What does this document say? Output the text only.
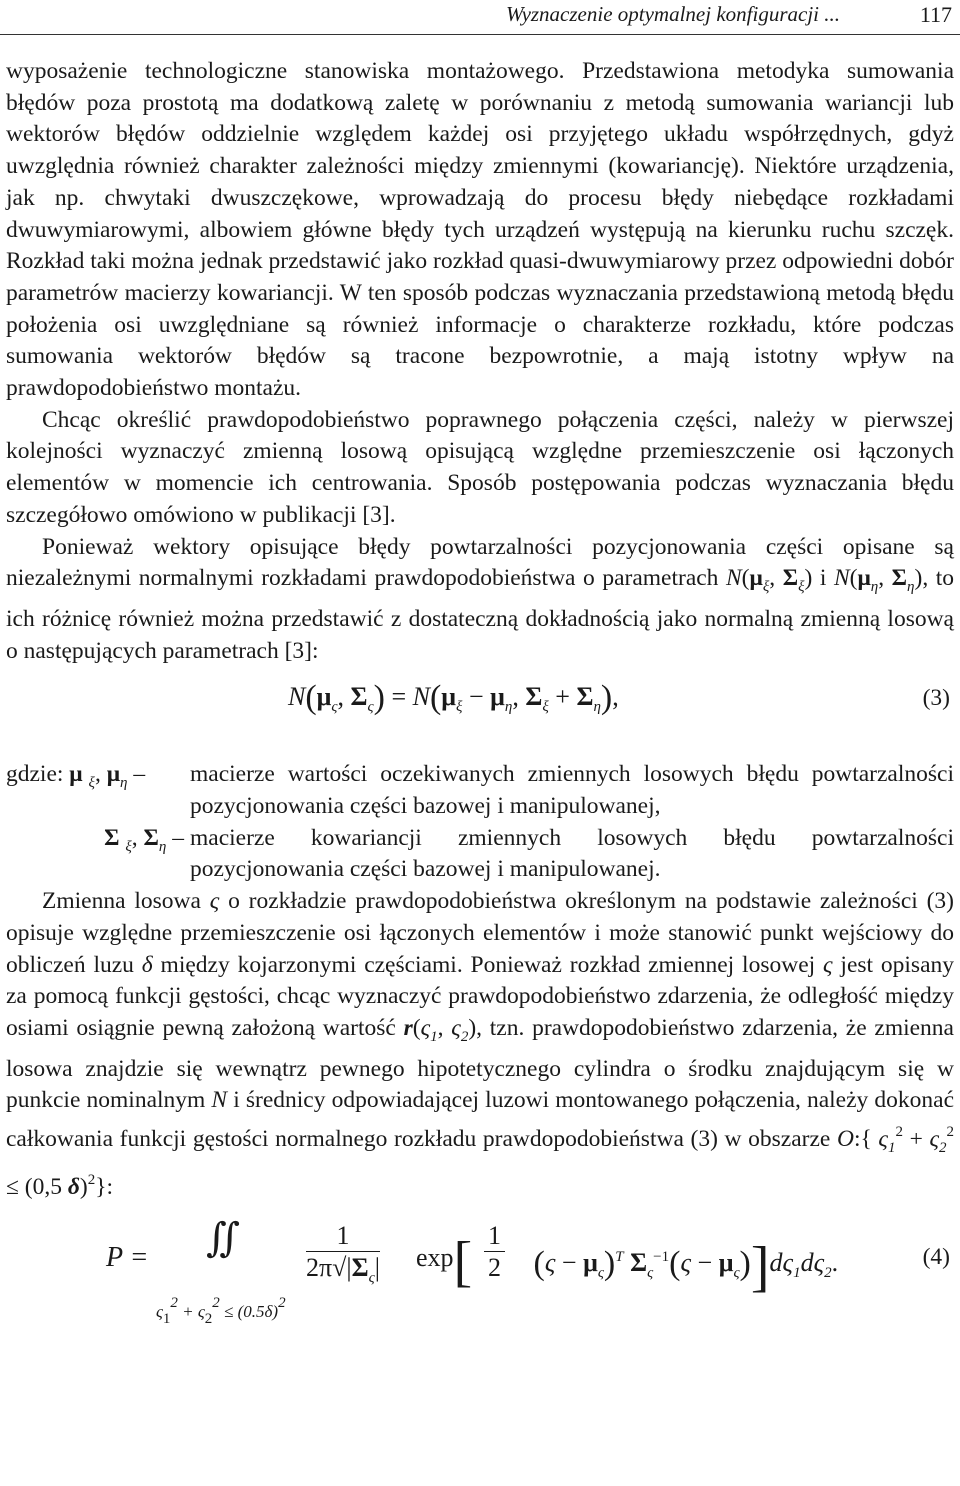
Wyznaczenie optymalnej konfiguracji ...	117

wyposażenie technologiczne stanowiska montażowego. Przedstawiona metodyka sumowania błędów poza prostotą ma dodatkową zaletę w porównaniu z metodą sumowania wariancji lub wektorów błędów oddzielnie względem każdej osi przyjętego układu współrzędnych, gdyż uwzględnia również charakter zależności między zmiennymi (kowariancję). Niektóre urządzenia, jak np. chwytaki dwuszczękowe, wprowadzają do procesu błędy niebędące rozkładami dwuwymiarowymi, albowiem główne błędy tych urządzeń występują na kierunku ruchu szczęk. Rozkład taki można jednak przedstawić jako rozkład quasi-dwuwymiarowy przez odpowiedni dobór parametrów macierzy kowariancji. W ten sposób podczas wyznaczania przedstawioną metodą błędu położenia osi uwzględniane są również informacje o charakterze rozkładu, które podczas sumowania wektorów błędów są tracone bezpowrotnie, a mają istotny wpływ na prawdopodobieństwo montażu.

Chcąc określić prawdopodobieństwo poprawnego połączenia części, należy w pierwszej kolejności wyznaczyć zmienną losową opisującą względne przemieszczenie osi łączonych elementów w momencie ich centrowania. Sposób postępowania podczas wyznaczania błędu szczegółowo omówiono w publikacji [3].

Ponieważ wektory opisujące błędy powtarzalności pozycjonowania części opisane są niezależnymi normalnymi rozkładami prawdopodobieństwa o parametrach $N(\mu_\xi$, $\Sigma_\xi$) i $N(\mu_\eta$, $\Sigma_\eta$), to ich różnicę również można przedstawić z dostateczną dokładnością jako normalną zmienną losową o następujących parametrach [3]:

$N(\mu_\varsigma$, $\Sigma_\varsigma) = N(\mu_\xi - \mu_\eta$, $\Sigma_\xi + \Sigma_\eta$),	(3)
gdzie: μ $_\xi$, $\mu_\eta$ –	macierze wartości oczekiwanych zmiennych losowych błędu powtarzalności pozycjonowania części bazowej i manipulowanej,
Σ $_\xi$, $\Sigma_\eta$ – macierze kowariancji zmiennych losowych błędu powtarzalności pozycjonowania części bazowej i manipulowanej.

Zmienna losowa ς o rozkładzie prawdopodobieństwa określonym na podstawie zależności (3) opisuje względne przemieszczenie osi łączonych elementów i może stanowić punkt wejściowy do obliczeń luzu δ między kojarzonymi częściami. Ponieważ rozkład zmiennej losowej ς jest opisany za pomocą funkcji gęstości, chcąc wyznaczyć prawdopodobieństwo zdarzenia, że odległość między osiami osiągnie pewną założoną wartość $r(\varsigma_1$, $\varsigma_2$), tzn. prawdopodobieństwo zdarzenia, że zmienna losowa znajdzie się wewnątrz pewnego hipotetycznego cylindra o środku znajdującym się w punkcie nominalnym N i średnicy odpowiadającej luzowi montowanego połączenia, należy dokonać całkowania funkcji gęstości normalnego rozkładu prawdopodobieństwa (3) w obszarze O:{ $\varsigma_1^2 + \varsigma_2^2 \le (0,5$ δ)$^2$}:

P = ∬
ς12 + ς22 ≤ (0.5δ)2
$\frac{1}{2\pi√|\Sigma_\varsigma|} \exp[ \frac{1}{2} (\varsigma - \mu_\varsigma)^T$ $\Sigma_\varsigma^{-1}(\varsigma - \mu_\varsigma)]d\varsigma_1d\varsigma_2$.	(4)
